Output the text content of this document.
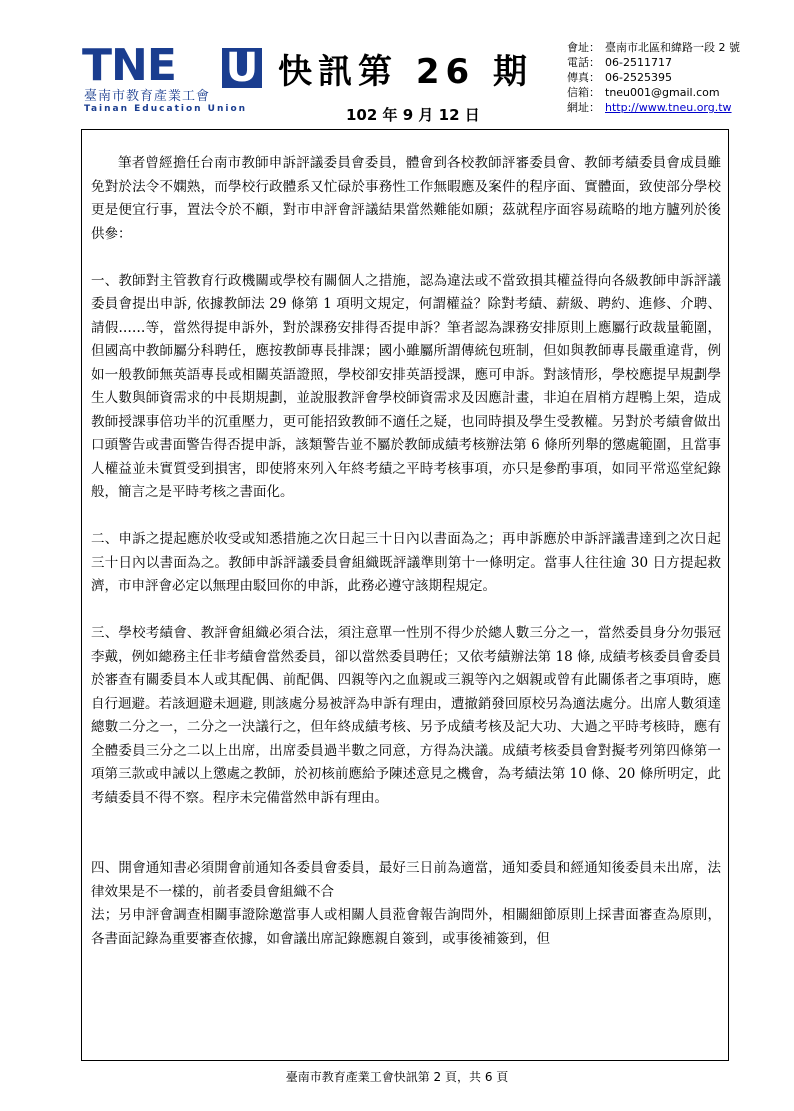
TNE U
臺南市教育產業工會
Tainan Education Union
快訊第 26 期
102 年 9 月 12 日
會址： 臺南市北區和緯路一段 2 號
電話： 06-2511717
傳真： 06-2525395
信箱： tneu001@gmail.com
網址： http://www.tneu.org.tw

筆者曾經擔任台南市教師申訴評議委員會委員，體會到各校教師評審委員會、教師考績委員會成員雖免對於法令不嫻熟，而學校行政體系又忙碌於事務性工作無暇應及案件的程序面、實體面，致使部分學校更是便宜行事，置法令於不顧，對市申評會評議結果當然難能如願；茲就程序面容易疏略的地方臚列於後供參：

一、教師對主管教育行政機關或學校有關個人之措施，認為違法或不當致損其權益得向各級教師申訴評議委員會提出申訴, 依據教師法 29 條第 1 項明文規定，何謂權益？除對考績、薪級、聘約、進修、介聘、請假……等，當然得提申訴外，對於課務安排得否提申訴？筆者認為課務安排原則上應屬行政裁量範圍，但國高中教師屬分科聘任，應按教師專長排課；國小雖屬所謂傳統包班制，但如與教師專長嚴重違背，例如一般教師無英語專長或相關英語證照，學校卻安排英語授課，應可申訴。對該情形，學校應提早規劃學生人數與師資需求的中長期規劃，並說服教評會學校師資需求及因應計畫，非迫在眉梢方趕鴨上架，造成教師授課事倍功半的沉重壓力，更可能招致教師不適任之疑，也同時損及學生受教權。另對於考績會做出口頭警告或書面警告得否提申訴，該類警告並不屬於教師成績考核辦法第 6 條所列舉的懲處範圍，且當事人權益並未實質受到損害，即使將來列入年終考績之平時考核事項，亦只是參酌事項，如同平常巡堂紀錄般，簡言之是平時考核之書面化。

二、申訴之提起應於收受或知悉措施之次日起三十日內以書面為之；再申訴應於申訴評議書達到之次日起三十日內以書面為之。教師申訴評議委員會組織既評議準則第十一條明定。當事人往往逾 30 日方提起救濟，市申評會必定以無理由駁回你的申訴，此務必遵守該期程規定。

三、學校考績會、教評會組織必須合法，須注意單一性別不得少於總人數三分之一，當然委員身分勿張冠李戴，例如總務主任非考績會當然委員，卻以當然委員聘任；又依考績辦法第 18 條, 成績考核委員會委員於審查有關委員本人或其配偶、前配偶、四親等內之血親或三親等內之姻親或曾有此關係者之事項時，應自行迴避。若該迴避未迴避, 則該處分易被評為申訴有理由，遭撤銷發回原校另為適法處分。出席人數須達總數二分之一，二分之一決議行之，但年終成績考核、另予成績考核及記大功、大過之平時考核時，應有全體委員三分之二以上出席，出席委員過半數之同意，方得為決議。成績考核委員會對擬考列第四條第一項第三款或申誡以上懲處之教師，於初核前應給予陳述意見之機會，為考績法第 10 條、20 條所明定，此考績委員不得不察。程序未完備當然申訴有理由。

四、開會通知書必須開會前通知各委員會委員，最好三日前為適當，通知委員和經通知後委員未出席，法律效果是不一樣的，前者委員會組織不合

法；另申評會調查相關事證除邀當事人或相關人員蒞會報告詢問外，相關細節原則上採書面審查為原則，各書面記錄為重要審查依據，如會議出席記錄應親自簽到，或事後補簽到，但

臺南市教育產業工會快訊第 2 頁，共 6 頁
